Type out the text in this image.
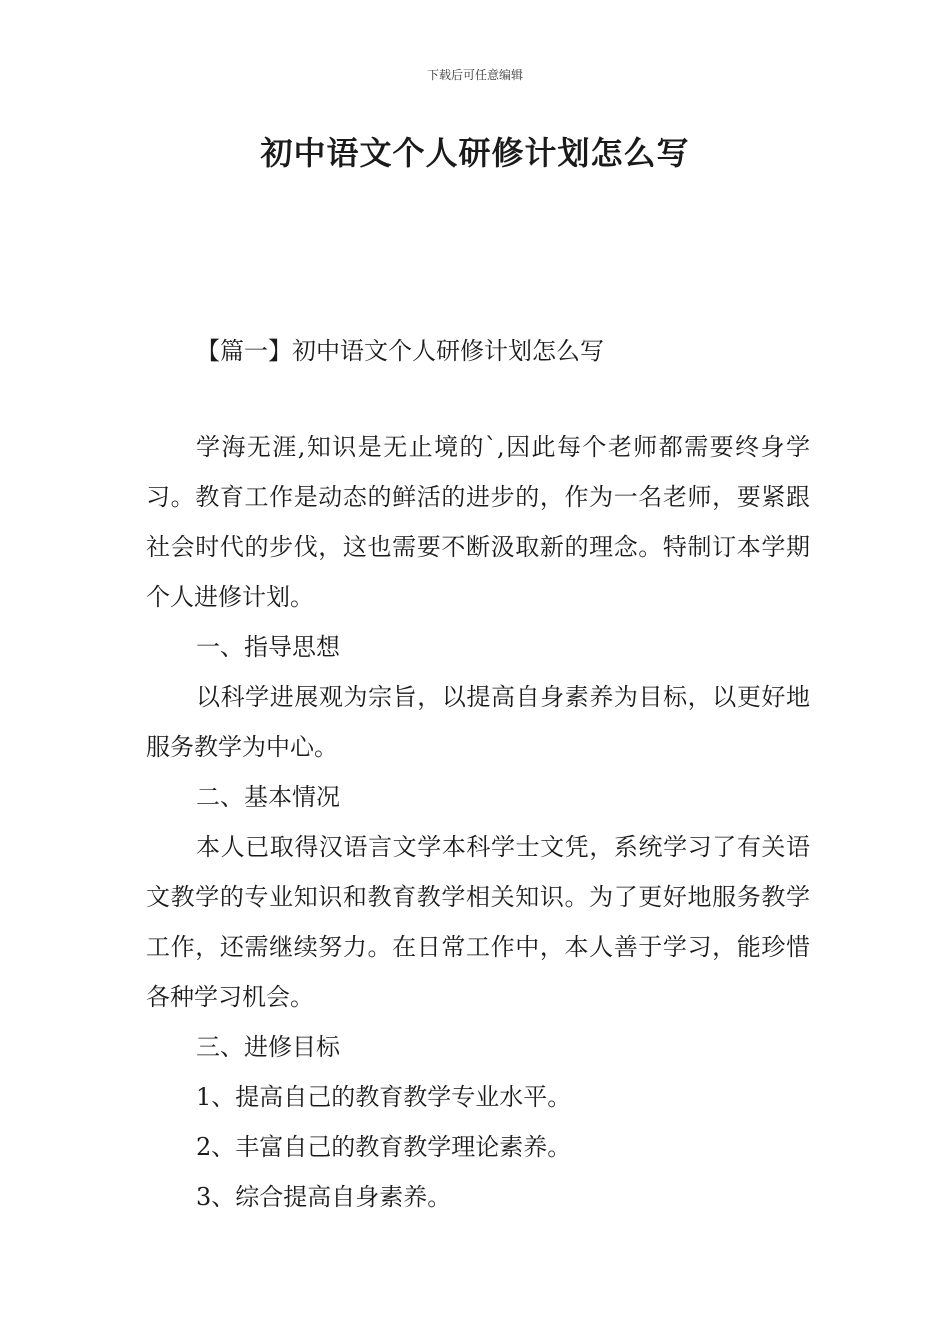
下载后可任意编辑
初中语文个人研修计划怎么写
【篇一】初中语文个人研修计划怎么写

学海无涯,知识是无止境的`,因此每个老师都需要终身学习。教育工作是动态的鲜活的进步的，作为一名老师，要紧跟社会时代的步伐，这也需要不断汲取新的理念。特制订本学期个人进修计划。

一、指导思想

以科学进展观为宗旨，以提高自身素养为目标，以更好地服务教学为中心。

二、基本情况

本人已取得汉语言文学本科学士文凭，系统学习了有关语文教学的专业知识和教育教学相关知识。为了更好地服务教学工作，还需继续努力。在日常工作中，本人善于学习，能珍惜各种学习机会。

三、进修目标

1、提高自己的教育教学专业水平。

2、丰富自己的教育教学理论素养。

3、综合提高自身素养。
